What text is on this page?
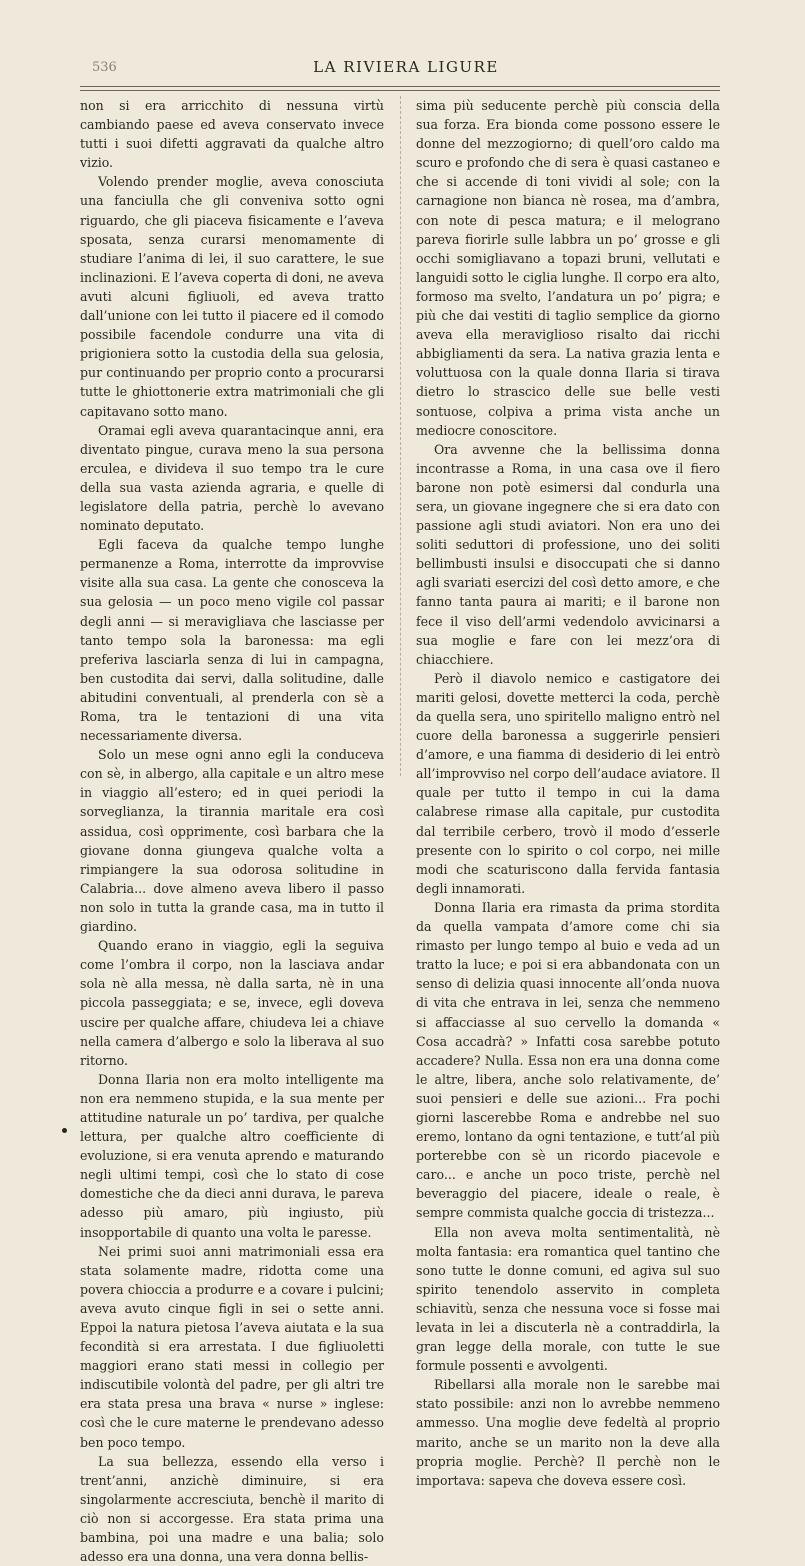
536	LA RIVIERA LIGURE

non si era arricchito di nessuna virtù cambiando paese ed aveva conservato invece tutti i suoi difetti aggravati da qualche altro vizio.

Volendo prender moglie, aveva conosciuta una fanciulla che gli conveniva sotto ogni riguardo, che gli piaceva fisicamente e l’aveva sposata, senza curarsi menomamente di studiare l’anima di lei, il suo carattere, le sue inclinazioni. E l’aveva coperta di doni, ne aveva avuti alcuni figliuoli, ed aveva tratto dall’unione con lei tutto il piacere ed il comodo possibile facendole condurre una vita di prigioniera sotto la custodia della sua gelosia, pur continuando per proprio conto a procurarsi tutte le ghiottonerie extra matrimoniali che gli capitavano sotto mano.

Oramai egli aveva quarantacinque anni, era diventato pingue, curava meno la sua persona erculea, e divideva il suo tempo tra le cure della sua vasta azienda agraria, e quelle di legislatore della patria, perchè lo avevano nominato deputato.

Egli faceva da qualche tempo lunghe permanenze a Roma, interrotte da improvvise visite alla sua casa. La gente che conosceva la sua gelosia — un poco meno vigile col passar degli anni — si meravigliava che lasciasse per tanto tempo sola la baronessa: ma egli preferiva lasciarla senza di lui in campagna, ben custodita dai servi, dalla solitudine, dalle abitudini conventuali, al prenderla con sè a Roma, tra le tentazioni di una vita necessariamente diversa.

Solo un mese ogni anno egli la conduceva con sè, in albergo, alla capitale e un altro mese in viaggio all’estero; ed in quei periodi la sorveglianza, la tirannia maritale era così assidua, così opprimente, così barbara che la giovane donna giungeva qualche volta a rimpiangere la sua odorosa solitudine in Calabria... dove almeno aveva libero il passo non solo in tutta la grande casa, ma in tutto il giardino.

Quando erano in viaggio, egli la seguiva come l’ombra il corpo, non la lasciava andar sola nè alla messa, nè dalla sarta, nè in una piccola passeggiata; e se, invece, egli doveva uscire per qualche affare, chiudeva lei a chiave nella camera d’albergo e solo la liberava al suo ritorno.

Donna Ilaria non era molto intelligente ma non era nemmeno stupida, e la sua mente per attitudine naturale un po’ tardiva, per qualche lettura, per qualche altro coefficiente di evoluzione, si era venuta aprendo e maturando negli ultimi tempi, così che lo stato di cose domestiche che da dieci anni durava, le pareva adesso più amaro, più ingiusto, più insopportabile di quanto una volta le paresse.

Nei primi suoi anni matrimoniali essa era stata solamente madre, ridotta come una povera chioccia a produrre e a covare i pulcini; aveva avuto cinque figli in sei o sette anni. Eppoi la natura pietosa l’aveva aiutata e la sua fecondità si era arrestata. I due figliuoletti maggiori erano stati messi in collegio per indiscutibile volontà del padre, per gli altri tre era stata presa una brava « nurse » inglese: così che le cure materne le prendevano adesso ben poco tempo.

La sua bellezza, essendo ella verso i trent’anni, anzichè diminuire, si era singolarmente accresciuta, benchè il marito di ciò non si accorgesse. Era stata prima una bambina, poi una madre e una balia; solo adesso era una donna, una vera donna bellis-

sima più seducente perchè più conscia della sua forza. Era bionda come possono essere le donne del mezzogiorno; di quell’oro caldo ma scuro e profondo che di sera è quasi castaneo e che si accende di toni vividi al sole; con la carnagione non bianca nè rosea, ma d’ambra, con note di pesca matura; e il melograno pareva fiorirle sulle labbra un po’ grosse e gli occhi somigliavano a topazi bruni, vellutati e languidi sotto le ciglia lunghe. Il corpo era alto, formoso ma svelto, l’andatura un po’ pigra; e più che dai vestiti di taglio semplice da giorno aveva ella meraviglioso risalto dai ricchi abbigliamenti da sera. La nativa grazia lenta e voluttuosa con la quale donna Ilaria si tirava dietro lo strascico delle sue belle vesti sontuose, colpiva a prima vista anche un mediocre conoscitore.

Ora avvenne che la bellissima donna incontrasse a Roma, in una casa ove il fiero barone non potè esimersi dal condurla una sera, un giovane ingegnere che si era dato con passione agli studi aviatori. Non era uno dei soliti seduttori di professione, uno dei soliti bellimbusti insulsi e disoccupati che si danno agli svariati esercizi del così detto amore, e che fanno tanta paura ai mariti; e il barone non fece il viso dell’armi vedendolo avvicinarsi a sua moglie e fare con lei mezz’ora di chiacchiere.

Però il diavolo nemico e castigatore dei mariti gelosi, dovette metterci la coda, perchè da quella sera, uno spiritello maligno entrò nel cuore della baronessa a suggerirle pensieri d’amore, e una fiamma di desiderio di lei entrò all’improvviso nel corpo dell’audace aviatore. Il quale per tutto il tempo in cui la dama calabrese rimase alla capitale, pur custodita dal terribile cerbero, trovò il modo d’esserle presente con lo spirito o col corpo, nei mille modi che scaturiscono dalla fervida fantasia degli innamorati.

Donna Ilaria era rimasta da prima stordita da quella vampata d’amore come chi sia rimasto per lungo tempo al buio e veda ad un tratto la luce; e poi si era abbandonata con un senso di delizia quasi innocente all’onda nuova di vita che entrava in lei, senza che nemmeno si affacciasse al suo cervello la domanda « Cosa accadrà? » Infatti cosa sarebbe potuto accadere? Nulla. Essa non era una donna come le altre, libera, anche solo relativamente, de’ suoi pensieri e delle sue azioni... Fra pochi giorni lascerebbe Roma e andrebbe nel suo eremo, lontano da ogni tentazione, e tutt’al più porterebbe con sè un ricordo piacevole e caro... e anche un poco triste, perchè nel beveraggio del piacere, ideale o reale, è sempre commista qualche goccia di tristezza...

Ella non aveva molta sentimentalità, nè molta fantasia: era romantica quel tantino che sono tutte le donne comuni, ed agiva sul suo spirito tenendolo asservito in completa schiavitù, senza che nessuna voce si fosse mai levata in lei a discuterla nè a contraddirla, la gran legge della morale, con tutte le sue formule possenti e avvolgenti.

Ribellarsi alla morale non le sarebbe mai stato possibile: anzi non lo avrebbe nemmeno ammesso. Una moglie deve fedeltà al proprio marito, anche se un marito non la deve alla propria moglie. Perchè? Il perchè non le importava: sapeva che doveva essere così.
